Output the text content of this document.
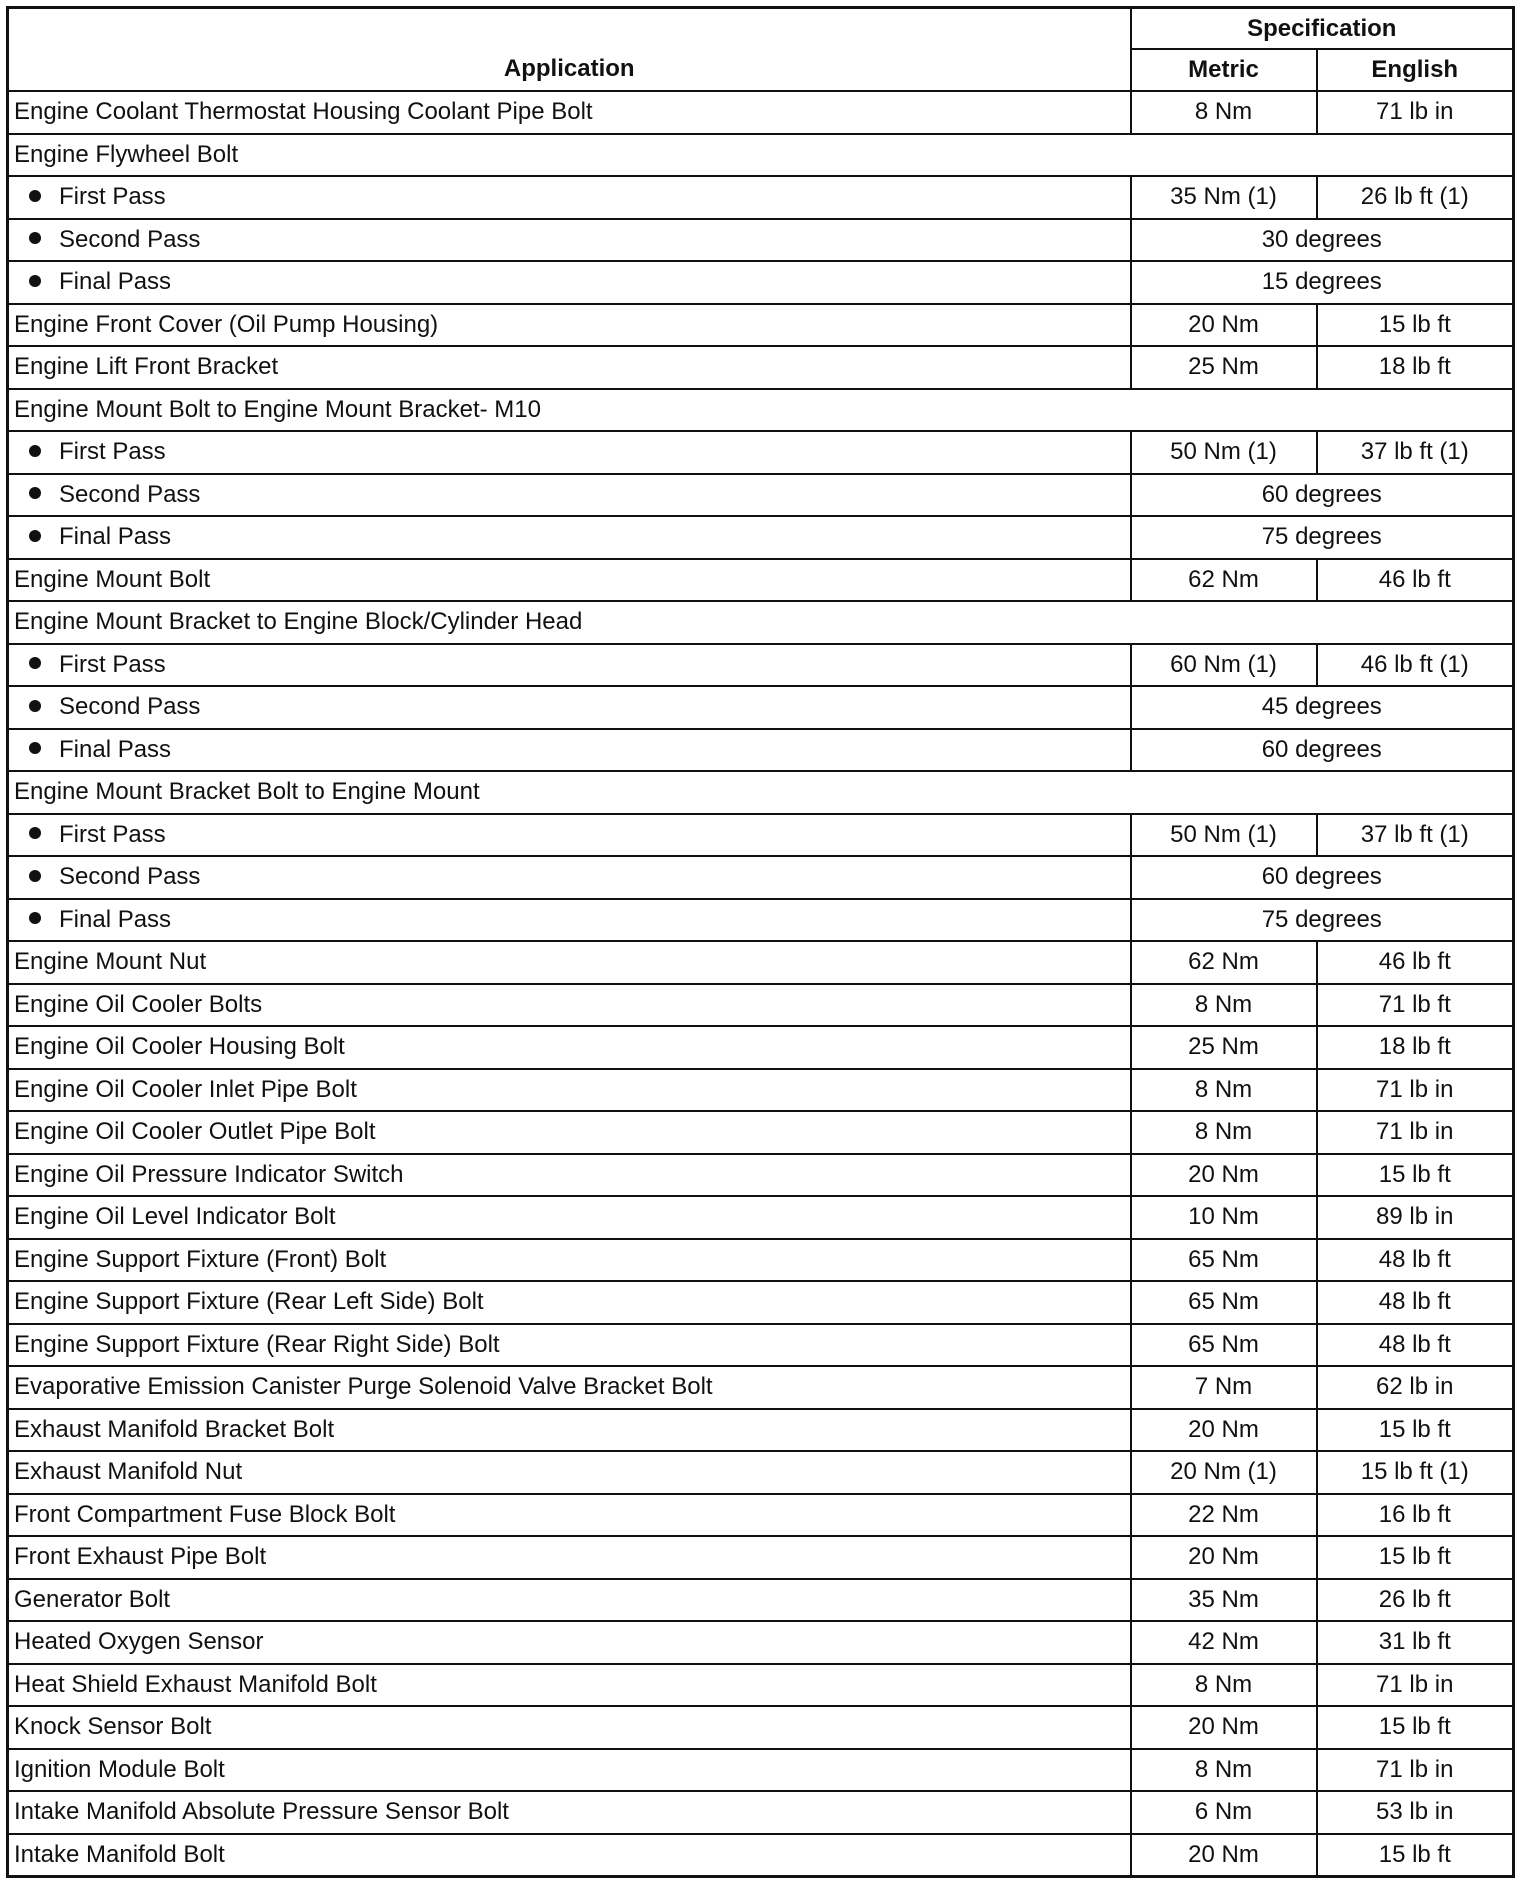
Application	Specification	
	Metric	English
Engine Coolant Thermostat Housing Coolant Pipe Bolt	8 Nm	71 lb in
Engine Flywheel Bolt		
First Pass	35 Nm (1)	26 lb ft (1)
Second Pass	30 degrees	
Final Pass	15 degrees	
Engine Front Cover (Oil Pump Housing)	20 Nm	15 lb ft
Engine Lift Front Bracket	25 Nm	18 lb ft
Engine Mount Bolt to Engine Mount Bracket- M10		
First Pass	50 Nm (1)	37 lb ft (1)
Second Pass	60 degrees	
Final Pass	75 degrees	
Engine Mount Bolt	62 Nm	46 lb ft
Engine Mount Bracket to Engine Block/Cylinder Head		
First Pass	60 Nm (1)	46 lb ft (1)
Second Pass	45 degrees	
Final Pass	60 degrees	
Engine Mount Bracket Bolt to Engine Mount		
First Pass	50 Nm (1)	37 lb ft (1)
Second Pass	60 degrees	
Final Pass	75 degrees	
Engine Mount Nut	62 Nm	46 lb ft
Engine Oil Cooler Bolts	8 Nm	71 lb ft
Engine Oil Cooler Housing Bolt	25 Nm	18 lb ft
Engine Oil Cooler Inlet Pipe Bolt	8 Nm	71 lb in
Engine Oil Cooler Outlet Pipe Bolt	8 Nm	71 lb in
Engine Oil Pressure Indicator Switch	20 Nm	15 lb ft
Engine Oil Level Indicator Bolt	10 Nm	89 lb in
Engine Support Fixture (Front) Bolt	65 Nm	48 lb ft
Engine Support Fixture (Rear Left Side) Bolt	65 Nm	48 lb ft
Engine Support Fixture (Rear Right Side) Bolt	65 Nm	48 lb ft
Evaporative Emission Canister Purge Solenoid Valve Bracket Bolt	7 Nm	62 lb in
Exhaust Manifold Bracket Bolt	20 Nm	15 lb ft
Exhaust Manifold Nut	20 Nm (1)	15 lb ft (1)
Front Compartment Fuse Block Bolt	22 Nm	16 lb ft
Front Exhaust Pipe Bolt	20 Nm	15 lb ft
Generator Bolt	35 Nm	26 lb ft
Heated Oxygen Sensor	42 Nm	31 lb ft
Heat Shield Exhaust Manifold Bolt	8 Nm	71 lb in
Knock Sensor Bolt	20 Nm	15 lb ft
Ignition Module Bolt	8 Nm	71 lb in
Intake Manifold Absolute Pressure Sensor Bolt	6 Nm	53 lb in
Intake Manifold Bolt	20 Nm	15 lb ft
